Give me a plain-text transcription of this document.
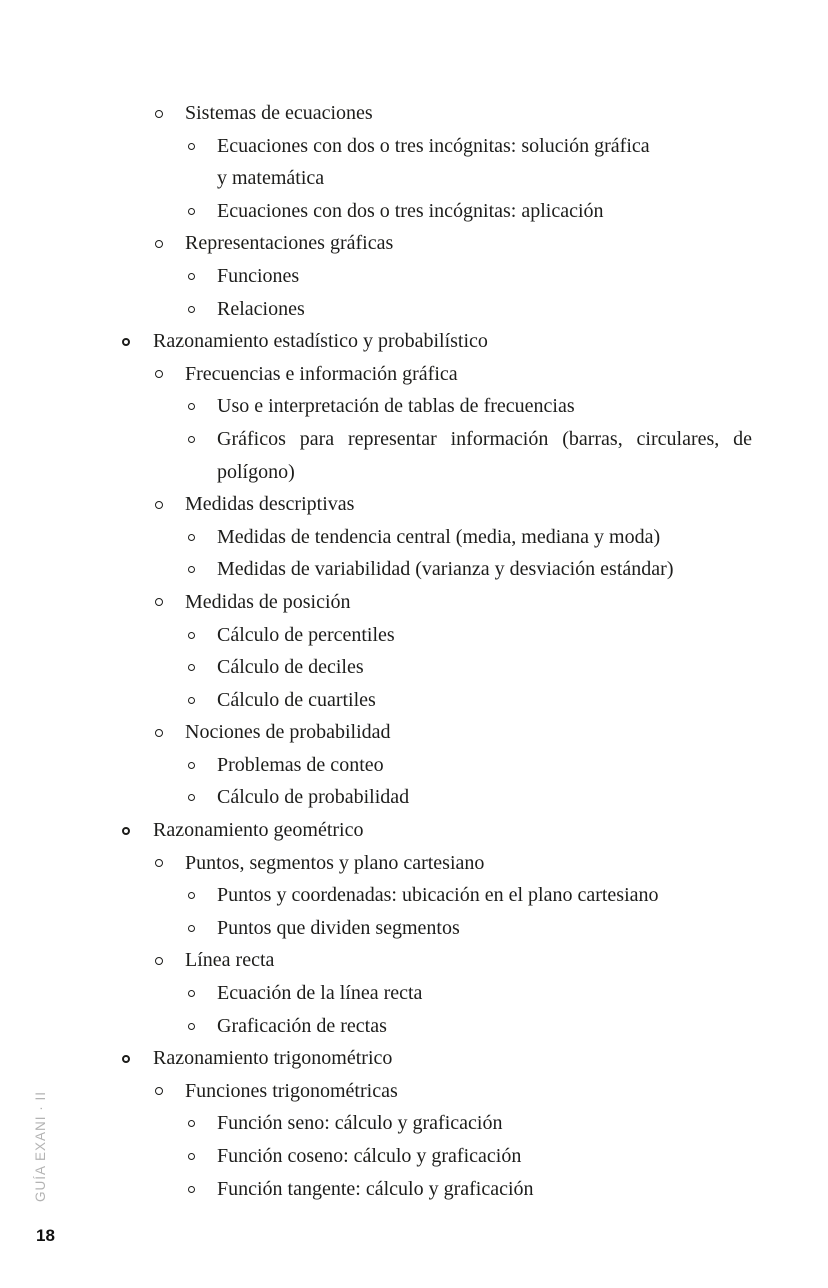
Sistemas de ecuaciones
Ecuaciones con dos o tres incógnitas: solución gráfica y matemática
Ecuaciones con dos o tres incógnitas: aplicación
Representaciones gráficas
Funciones
Relaciones
Razonamiento estadístico y probabilístico
Frecuencias e información gráfica
Uso e interpretación de tablas de frecuencias
Gráficos para representar información (barras, circulares, de polígono)
Medidas descriptivas
Medidas de tendencia central (media, mediana y moda)
Medidas de variabilidad (varianza y desviación estándar)
Medidas de posición
Cálculo de percentiles
Cálculo de deciles
Cálculo de cuartiles
Nociones de probabilidad
Problemas de conteo
Cálculo de probabilidad
Razonamiento geométrico
Puntos, segmentos y plano cartesiano
Puntos y coordenadas: ubicación en el plano cartesiano
Puntos que dividen segmentos
Línea recta
Ecuación de la línea recta
Graficación de rectas
Razonamiento trigonométrico
Funciones trigonométricas
Función seno: cálculo y graficación
Función coseno: cálculo y graficación
Función tangente: cálculo y graficación
GUÍA EXANI · II
18
